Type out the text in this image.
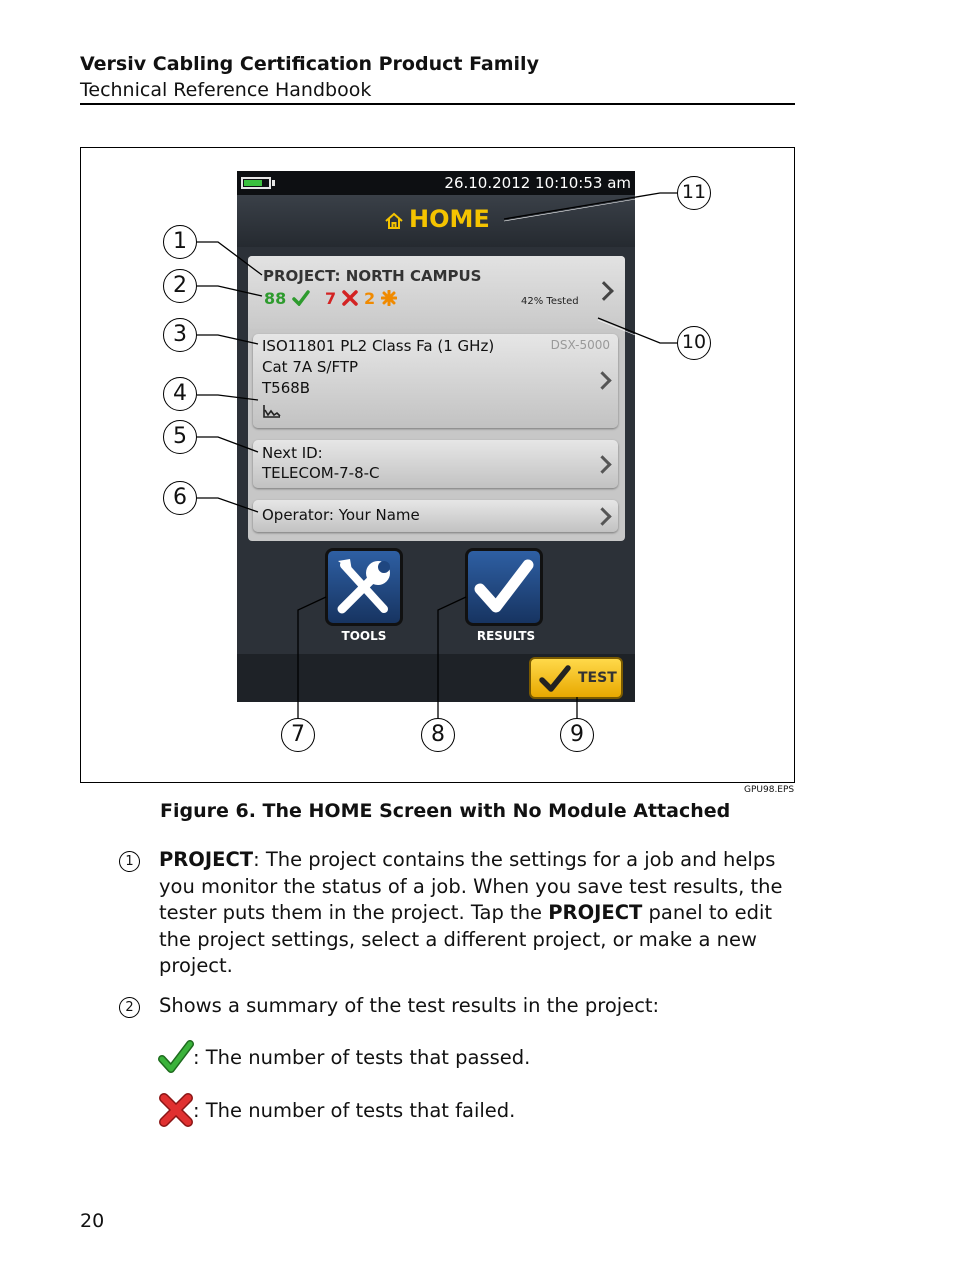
Versiv Cabling Certification Product Family
Technical Reference Handbook
26.10.2012 10:10:53 am
HOME
PROJECT: NORTH CAMPUS
88	7	2	42% Tested
DSX-5000
ISO11801 PL2 Class Fa (1 GHz)
Cat 7A S/FTP
T568B
Next ID:
TELECOM-7-8-C
Operator: Your Name
TOOLS	RESULTS
TEST
1
2
3
4
5
6
7	8	9
10
11
GPU98.EPS
Figure 6. The HOME Screen with No Module Attached
1	PROJECT: The project contains the settings for a job and helps you monitor the status of a job. When you save test results, the tester puts them in the project. Tap the PROJECT panel to edit the project settings, select a different project, or make a new project.
2	Shows a summary of the test results in the project:
: The number of tests that passed.
: The number of tests that failed.
20
